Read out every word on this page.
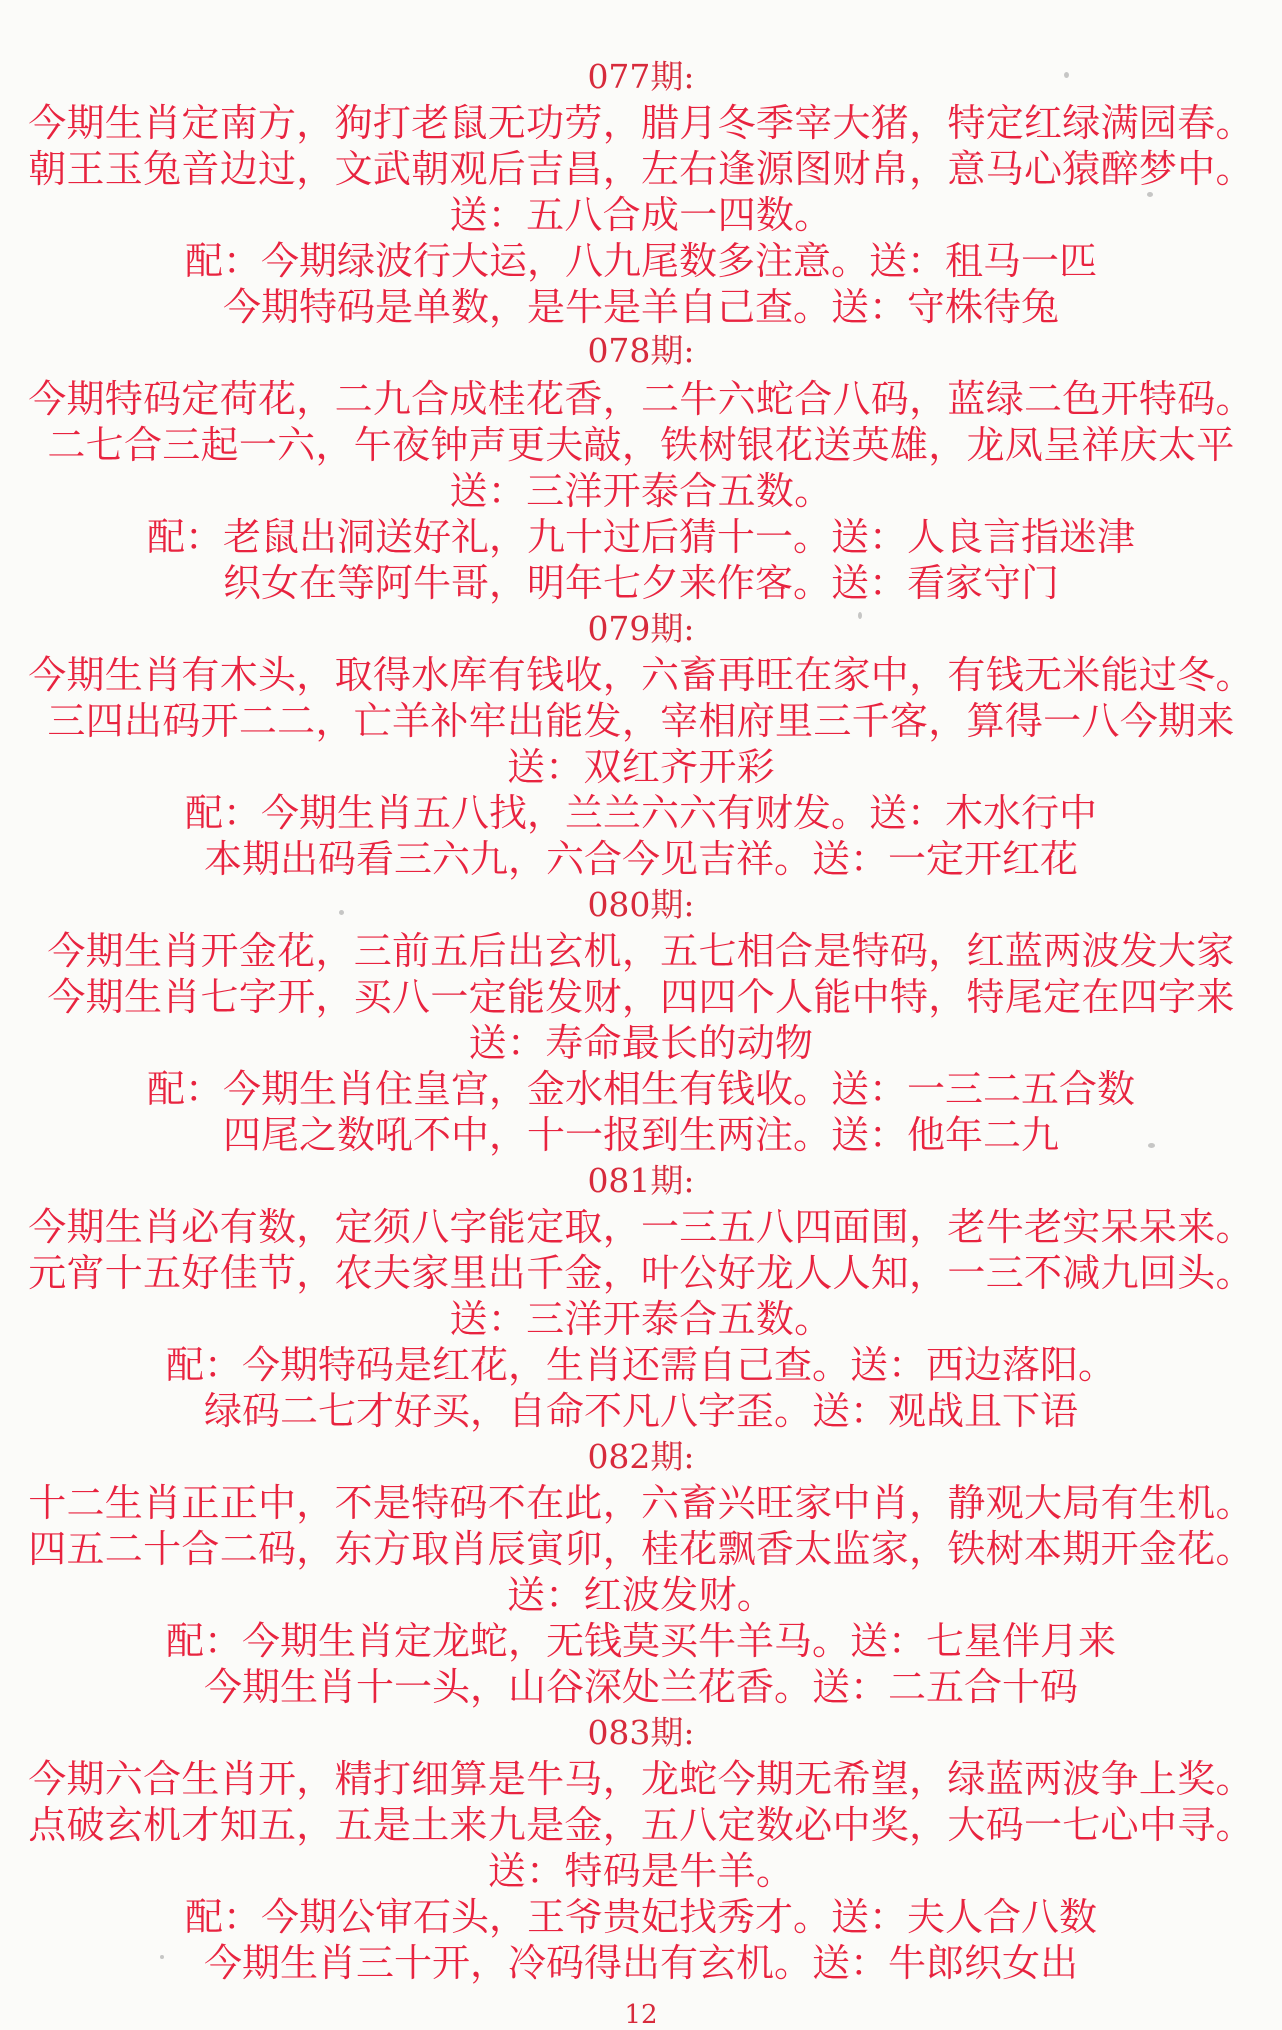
077期:
今期生肖定南方，狗打老鼠无功劳，腊月冬季宰大猪，特定红绿满园春。
朝王玉兔音边过，文武朝观后吉昌，左右逢源图财帛，意马心猿醉梦中。
送：五八合成一四数。
配：今期绿波行大运，八九尾数多注意。送：租马一匹
今期特码是单数，是牛是羊自己查。送：守株待兔
078期:
今期特码定荷花，二九合成桂花香，二牛六蛇合八码，蓝绿二色开特码。
二七合三起一六，午夜钟声更夫敲，铁树银花送英雄，龙凤呈祥庆太平
送：三洋开泰合五数。
配：老鼠出洞送好礼，九十过后猜十一。送：人良言指迷津
织女在等阿牛哥，明年七夕来作客。送：看家守门
079期:
今期生肖有木头，取得水库有钱收，六畜再旺在家中，有钱无米能过冬。
三四出码开二二，亡羊补牢出能发，宰相府里三千客，算得一八今期来
送：双红齐开彩
配：今期生肖五八找，兰兰六六有财发。送：木水行中
本期出码看三六九，六合今见吉祥。送：一定开红花
080期:
今期生肖开金花，三前五后出玄机，五七相合是特码，红蓝两波发大家
今期生肖七字开，买八一定能发财，四四个人能中特，特尾定在四字来
送：寿命最长的动物
配：今期生肖住皇宫，金水相生有钱收。送：一三二五合数
四尾之数吼不中，十一报到生两注。送：他年二九
081期:
今期生肖必有数，定须八字能定取，一三五八四面围，老牛老实呆呆来。
元宵十五好佳节，农夫家里出千金，叶公好龙人人知，一三不减九回头。
送：三洋开泰合五数。
配：今期特码是红花，生肖还需自己查。送：西边落阳。
绿码二七才好买，自命不凡八字歪。送：观战且下语
082期:
十二生肖正正中，不是特码不在此，六畜兴旺家中肖，静观大局有生机。
四五二十合二码，东方取肖辰寅卯，桂花飘香太监家，铁树本期开金花。
送：红波发财。
配：今期生肖定龙蛇，无钱莫买牛羊马。送：七星伴月来
今期生肖十一头，山谷深处兰花香。送：二五合十码
083期:
今期六合生肖开，精打细算是牛马，龙蛇今期无希望，绿蓝两波争上奖。
点破玄机才知五，五是土来九是金，五八定数必中奖，大码一七心中寻。
送：特码是牛羊。
配：今期公审石头，王爷贵妃找秀才。送：夫人合八数
今期生肖三十开，冷码得出有玄机。送：牛郎织女出
12
